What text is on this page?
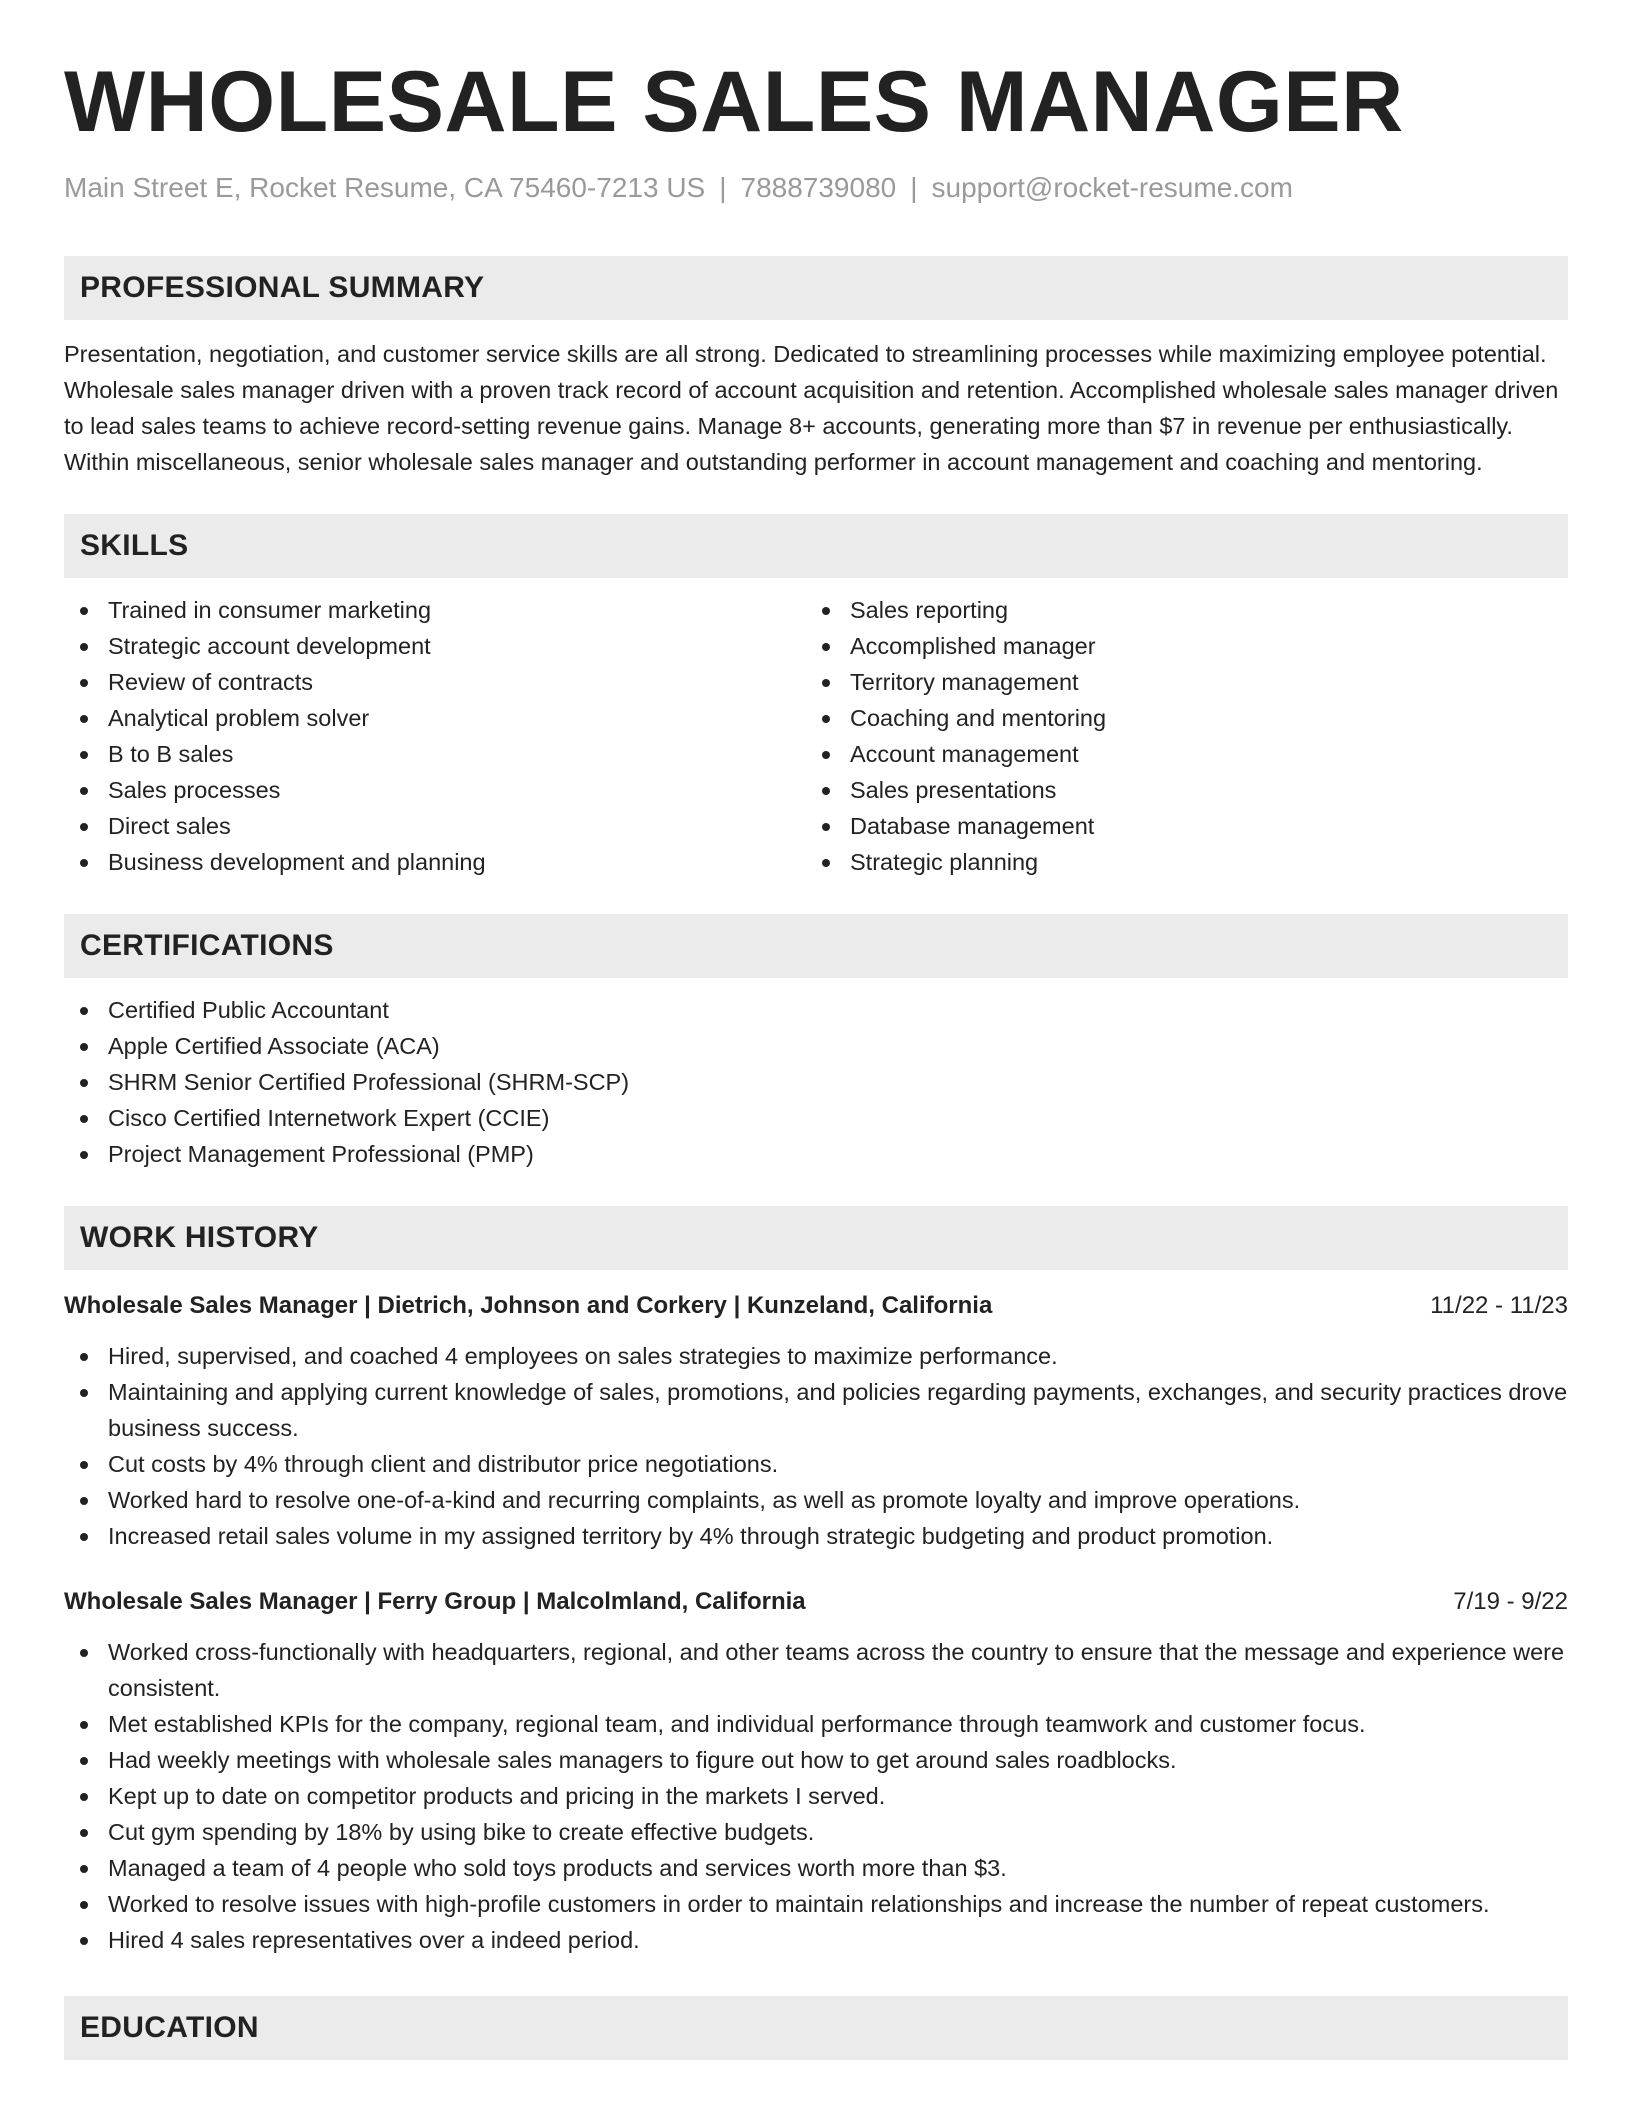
WHOLESALE SALES MANAGER
Main Street E, Rocket Resume, CA 75460-7213 US | 7888739080 | support@rocket-resume.com
PROFESSIONAL SUMMARY

Presentation, negotiation, and customer service skills are all strong. Dedicated to streamlining processes while maximizing employee potential. Wholesale sales manager driven with a proven track record of account acquisition and retention. Accomplished wholesale sales manager driven to lead sales teams to achieve record-setting revenue gains. Manage 8+ accounts, generating more than $7 in revenue per enthusiastically. Within miscellaneous, senior wholesale sales manager and outstanding performer in account management and coaching and mentoring.

SKILLS
Trained in consumer marketing
Strategic account development
Review of contracts
Analytical problem solver
B to B sales
Sales processes
Direct sales
Business development and planning
Sales reporting
Accomplished manager
Territory management
Coaching and mentoring
Account management
Sales presentations
Database management
Strategic planning
CERTIFICATIONS
Certified Public Accountant
Apple Certified Associate (ACA)
SHRM Senior Certified Professional (SHRM-SCP)
Cisco Certified Internetwork Expert (CCIE)
Project Management Professional (PMP)
WORK HISTORY
Wholesale Sales Manager | Dietrich, Johnson and Corkery | Kunzeland, California	11/22 - 11/23
Hired, supervised, and coached 4 employees on sales strategies to maximize performance.
Maintaining and applying current knowledge of sales, promotions, and policies regarding payments, exchanges, and security practices drove business success.
Cut costs by 4% through client and distributor price negotiations.
Worked hard to resolve one-of-a-kind and recurring complaints, as well as promote loyalty and improve operations.
Increased retail sales volume in my assigned territory by 4% through strategic budgeting and product promotion.
Wholesale Sales Manager | Ferry Group | Malcolmland, California	7/19 - 9/22
Worked cross-functionally with headquarters, regional, and other teams across the country to ensure that the message and experience were consistent.
Met established KPIs for the company, regional team, and individual performance through teamwork and customer focus.
Had weekly meetings with wholesale sales managers to figure out how to get around sales roadblocks.
Kept up to date on competitor products and pricing in the markets I served.
Cut gym spending by 18% by using bike to create effective budgets.
Managed a team of 4 people who sold toys products and services worth more than $3.
Worked to resolve issues with high-profile customers in order to maintain relationships and increase the number of repeat customers.
Hired 4 sales representatives over a indeed period.
EDUCATION
